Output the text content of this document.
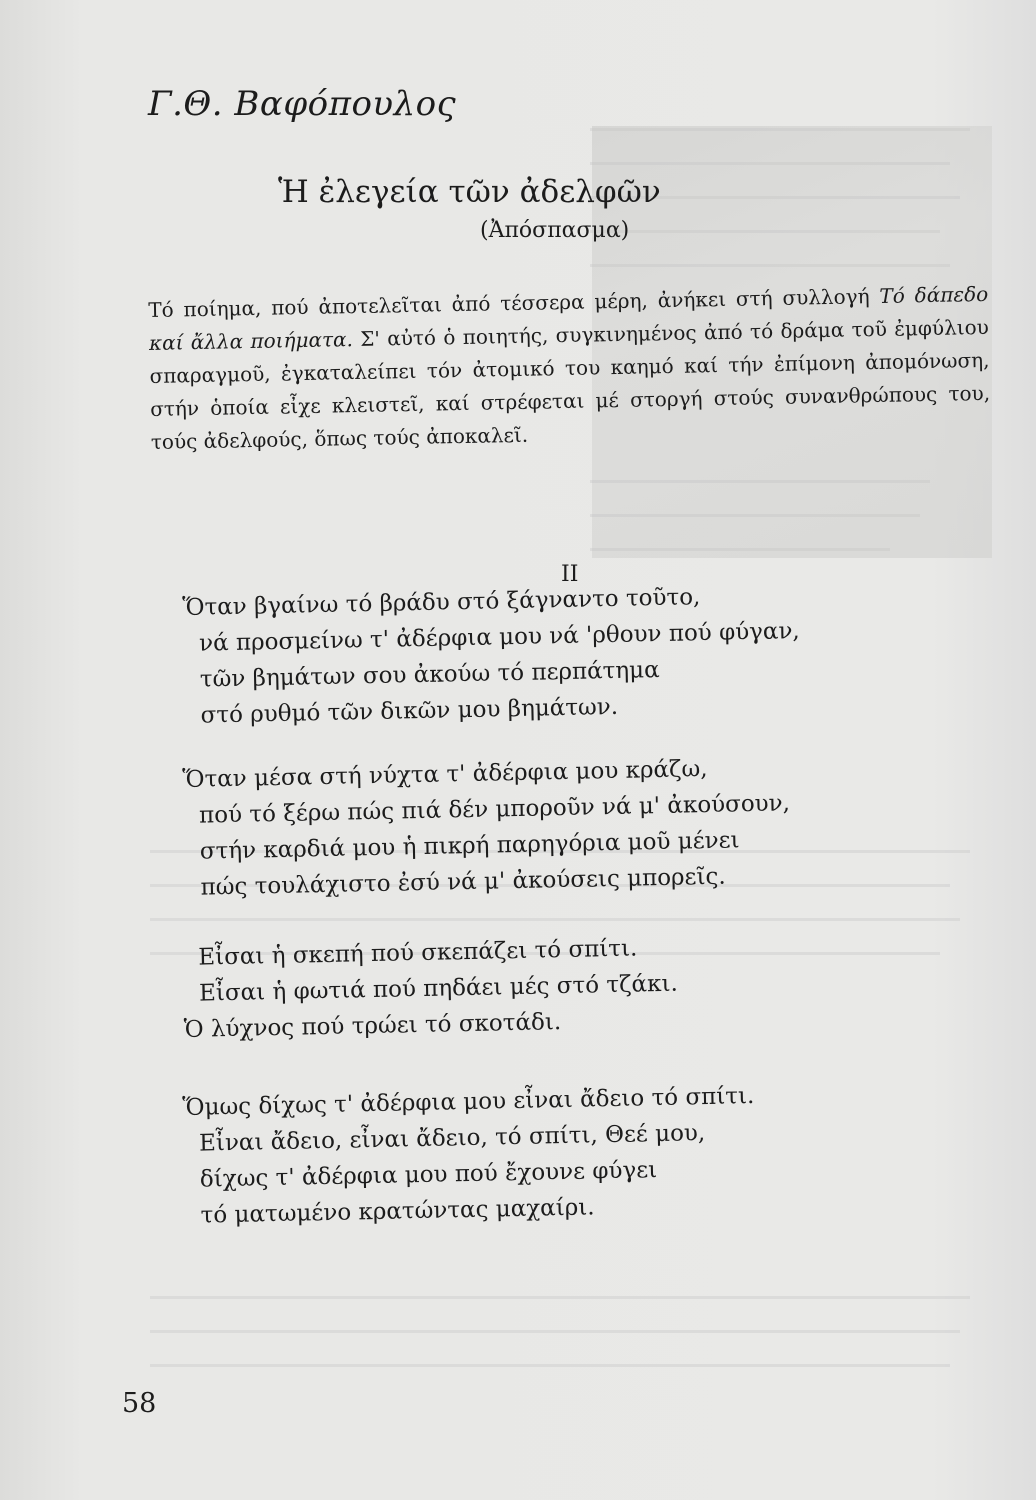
Γ.Θ. Βαφόπουλος
Ἡ ἐλεγεία τῶν ἀδελφῶν
(Ἀπόσπασμα)
Τό ποίημα, πού ἀποτελεῖται ἀπό τέσσερα μέρη, ἀνήκει στή συλλογή Τό δάπεδο καί ἄλλα ποιήματα. Σ' αὐτό ὁ ποιητής, συγκινημένος ἀπό τό δράμα τοῦ ἐμφύλιου σπαραγμοῦ, ἐγκαταλείπει τόν ἀτομικό του καημό καί τήν ἐπίμονη ἀπομόνωση, στήν ὁποία εἶχε κλειστεῖ, καί στρέφεται μέ στοργή στούς συνανθρώπους του, τούς ἀδελφούς, ὅπως τούς ἀποκαλεῖ.
II
Ὅταν βγαίνω τό βράδυ στό ξάγναντο τοῦτο,
νά προσμείνω τ' ἀδέρφια μου νά 'ρθουν πού φύγαν,
τῶν βημάτων σου ἀκούω τό περπάτημα
στό ρυθμό τῶν δικῶν μου βημάτων.
Ὅταν μέσα στή νύχτα τ' ἀδέρφια μου κράζω,
πού τό ξέρω πώς πιά δέν μποροῦν νά μ' ἀκούσουν,
στήν καρδιά μου ἡ πικρή παρηγόρια μοῦ μένει
πώς τουλάχιστο ἐσύ νά μ' ἀκούσεις μπορεῖς.
Εἶσαι ἡ σκεπή πού σκεπάζει τό σπίτι.
Εἶσαι ἡ φωτιά πού πηδάει μές στό τζάκι.
Ὁ λύχνος πού τρώει τό σκοτάδι.
Ὅμως δίχως τ' ἀδέρφια μου εἶναι ἄδειο τό σπίτι.
Εἶναι ἄδειο, εἶναι ἄδειο, τό σπίτι, Θεέ μου,
δίχως τ' ἀδέρφια μου πού ἔχουνε φύγει
τό ματωμένο κρατώντας μαχαίρι.
58
